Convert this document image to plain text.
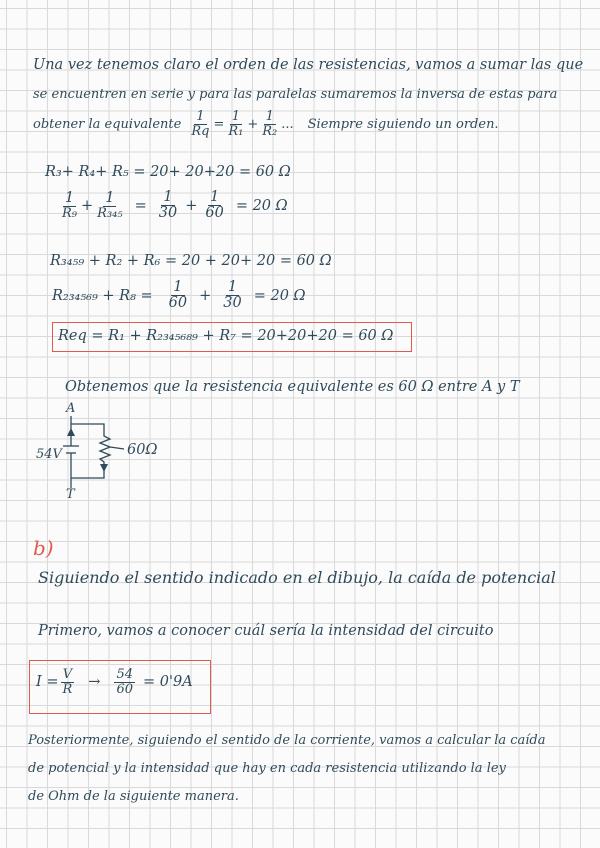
Una vez tenemos claro el orden de las resistencias, vamos a sumar las que
se encuentren en serie y para las paralelas sumaremos la inversa de estas para
obtener la equivalente $\frac{1}{Rq} = \frac{1}{\text{R₁}} + \frac{1}{\text{R₂}}$ ... Siempre siguiendo un orden.
R₃+ R₄+ R₅ = 20+ 20+20 = 60 Ω
$\frac{1}{\text{R₉}} + \frac{1}{\text{R₃₄₅}} = \frac{1}{30} + \frac{1}{60} = 20$ Ω
R₃₄₅₉ + R₂ + R₆ = 20 + 20+ 20 = 60 Ω
$R_{234569} + R_8 = \frac{1}{60} + \frac{1}{30} = 20$ Ω
Req = R₁ + R₂₃₄₅₆₈₉ + R₇ = 20+20+20 = 60 Ω
Obtenemos que la resistencia equivalente es 60 Ω entre A y T
A
54V	60Ω
T
b)
Siguiendo el sentido indicado en el dibujo, la caída de potencial
Primero, vamos a conocer cuál sería la intensidad del circuito
$I = \frac{V}{R} \to \frac{54}{60} = 0'9A$
Posteriormente, siguiendo el sentido de la corriente, vamos a calcular la caída
de potencial y la intensidad que hay en cada resistencia utilizando la ley
de Ohm de la siguiente manera.
